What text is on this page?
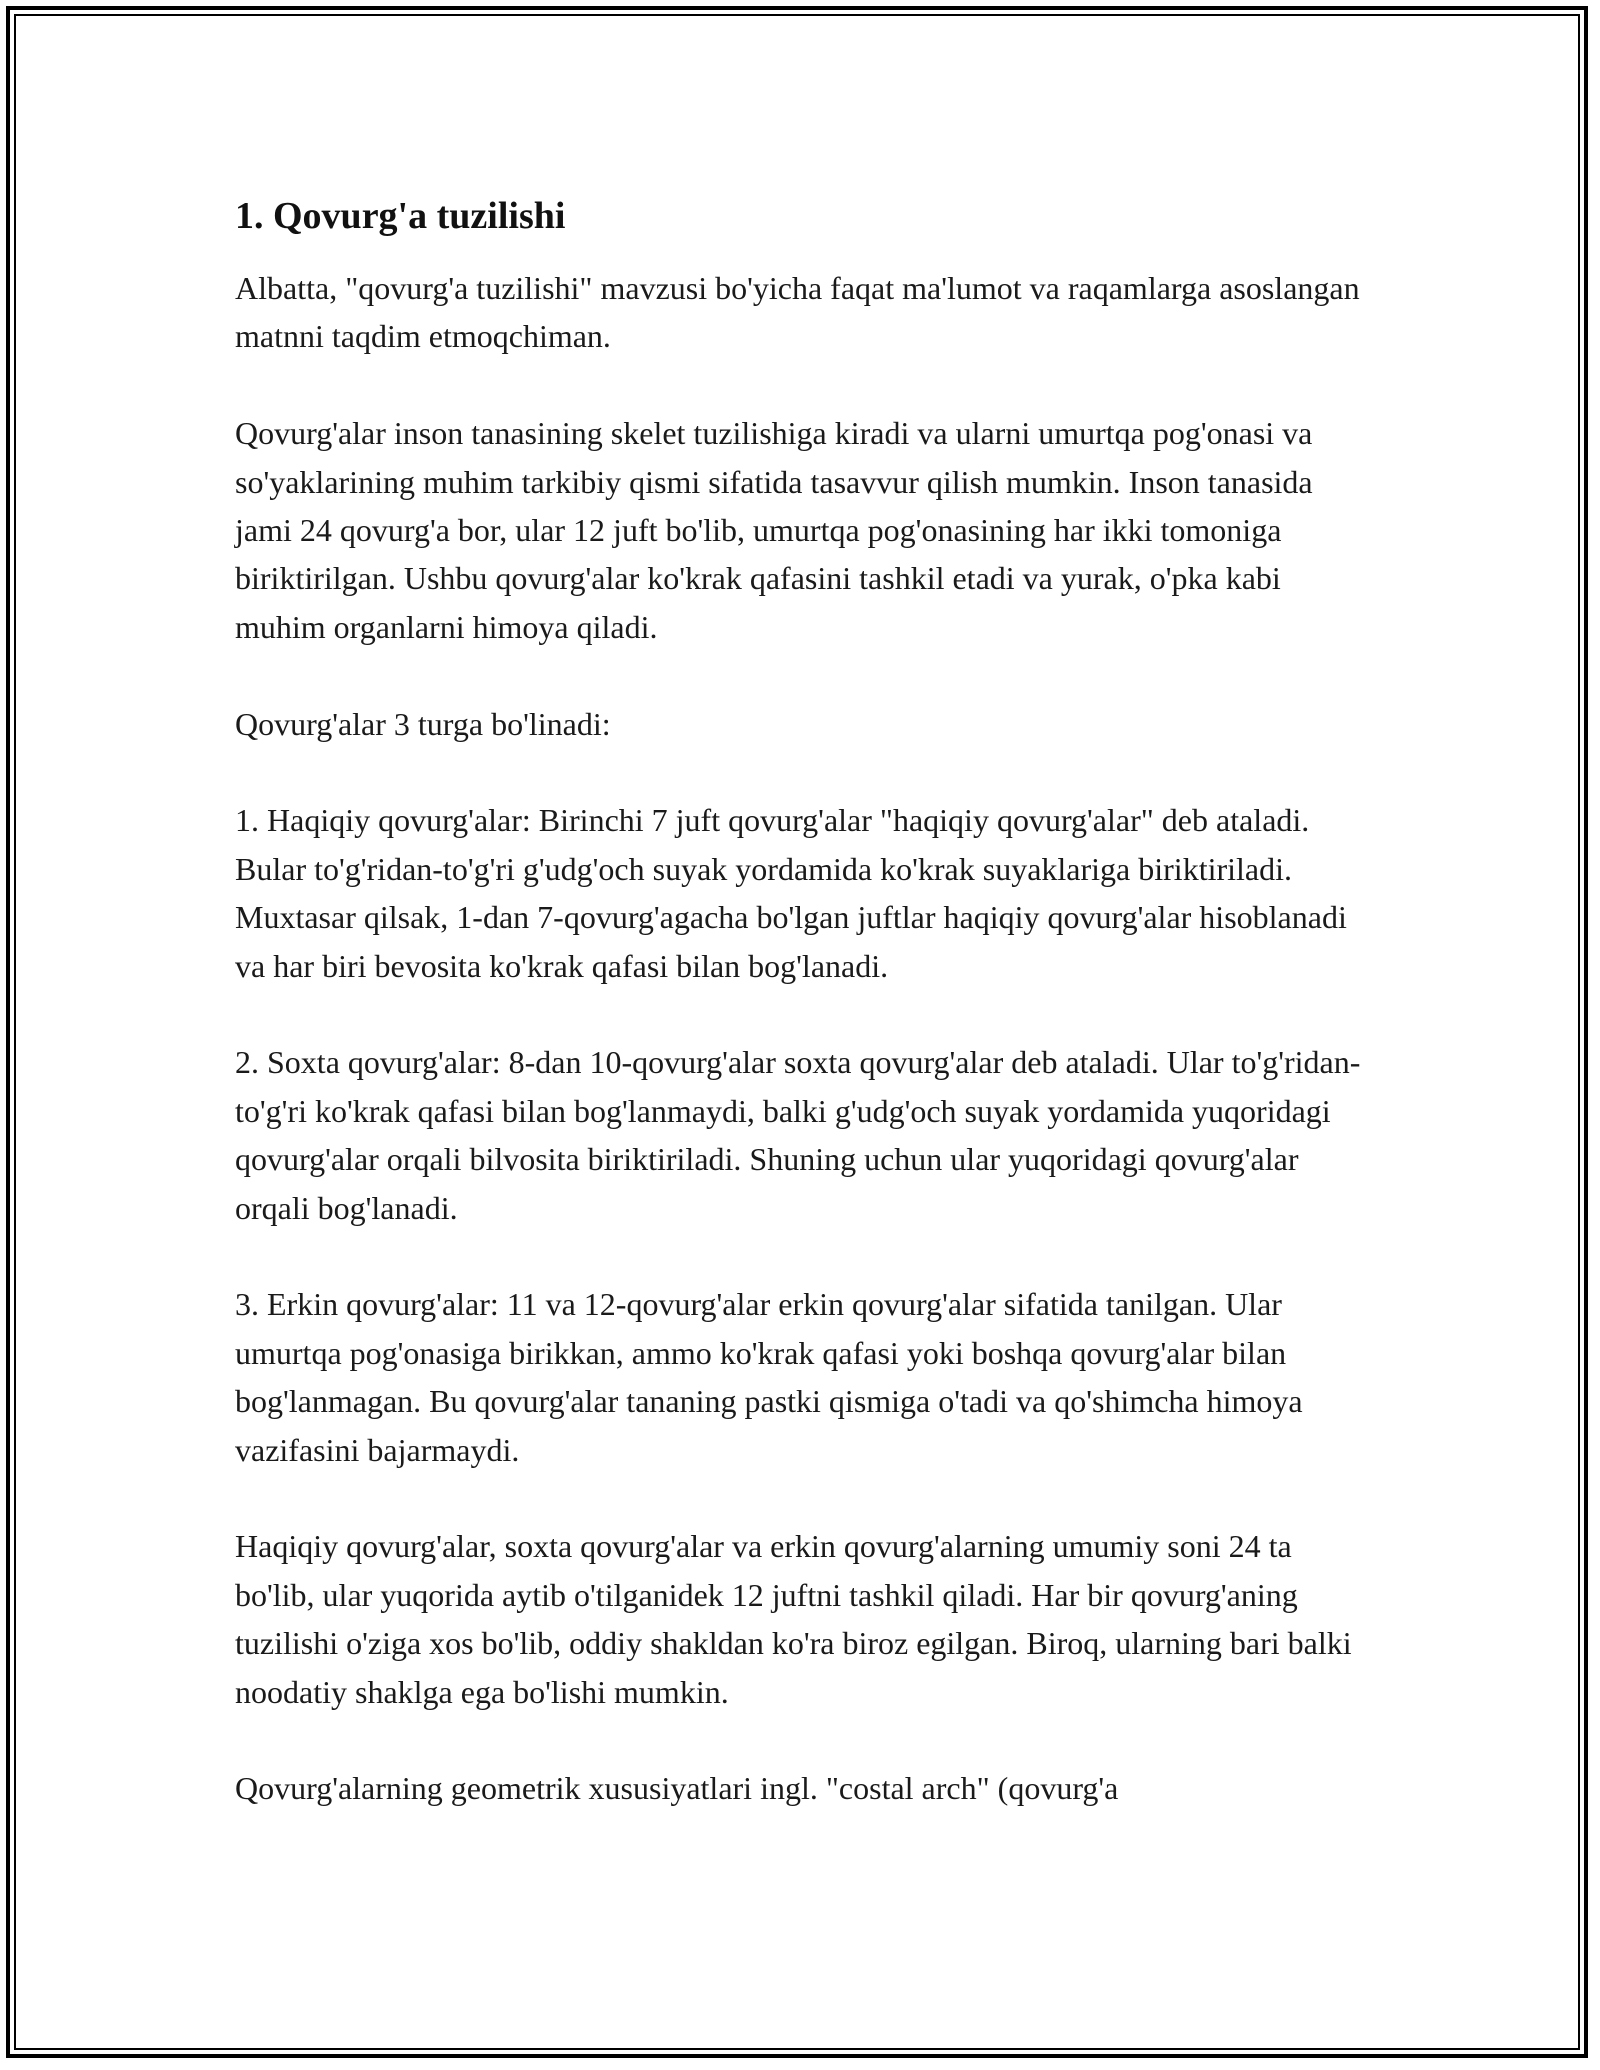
1. Qovurg'a tuzilishi

Albatta, "qovurg'a tuzilishi" mavzusi bo'yicha faqat ma'lumot va raqamlarga asoslangan matnni taqdim etmoqchiman.

Qovurg'alar inson tanasining skelet tuzilishiga kiradi va ularni umurtqa pog'onasi va so'yaklarining muhim tarkibiy qismi sifatida tasavvur qilish mumkin. Inson tanasida jami 24 qovurg'a bor, ular 12 juft bo'lib, umurtqa pog'onasining har ikki tomoniga biriktirilgan. Ushbu qovurg'alar ko'krak qafasini tashkil etadi va yurak, o'pka kabi muhim organlarni himoya qiladi.

Qovurg'alar 3 turga bo'linadi:

1. Haqiqiy qovurg'alar: Birinchi 7 juft qovurg'alar "haqiqiy qovurg'alar" deb ataladi. Bular to'g'ridan-to'g'ri g'udg'och suyak yordamida ko'krak suyaklariga biriktiriladi. Muxtasar qilsak, 1-dan 7-qovurg'agacha bo'lgan juftlar haqiqiy qovurg'alar hisoblanadi va har biri bevosita ko'krak qafasi bilan bog'lanadi.

2. Soxta qovurg'alar: 8-dan 10-qovurg'alar soxta qovurg'alar deb ataladi. Ular to'g'ridan-to'g'ri ko'krak qafasi bilan bog'lanmaydi, balki g'udg'och suyak yordamida yuqoridagi qovurg'alar orqali bilvosita biriktiriladi. Shuning uchun ular yuqoridagi qovurg'alar orqali bog'lanadi.

3. Erkin qovurg'alar: 11 va 12-qovurg'alar erkin qovurg'alar sifatida tanilgan. Ular umurtqa pog'onasiga birikkan, ammo ko'krak qafasi yoki boshqa qovurg'alar bilan bog'lanmagan. Bu qovurg'alar tananing pastki qismiga o'tadi va qo'shimcha himoya vazifasini bajarmaydi.

Haqiqiy qovurg'alar, soxta qovurg'alar va erkin qovurg'alarning umumiy soni 24 ta bo'lib, ular yuqorida aytib o'tilganidek 12 juftni tashkil qiladi. Har bir qovurg'aning tuzilishi o'ziga xos bo'lib, oddiy shakldan ko'ra biroz egilgan. Biroq, ularning bari balki noodatiy shaklga ega bo'lishi mumkin.

Qovurg'alarning geometrik xususiyatlari ingl. "costal arch" (qovurg'a
